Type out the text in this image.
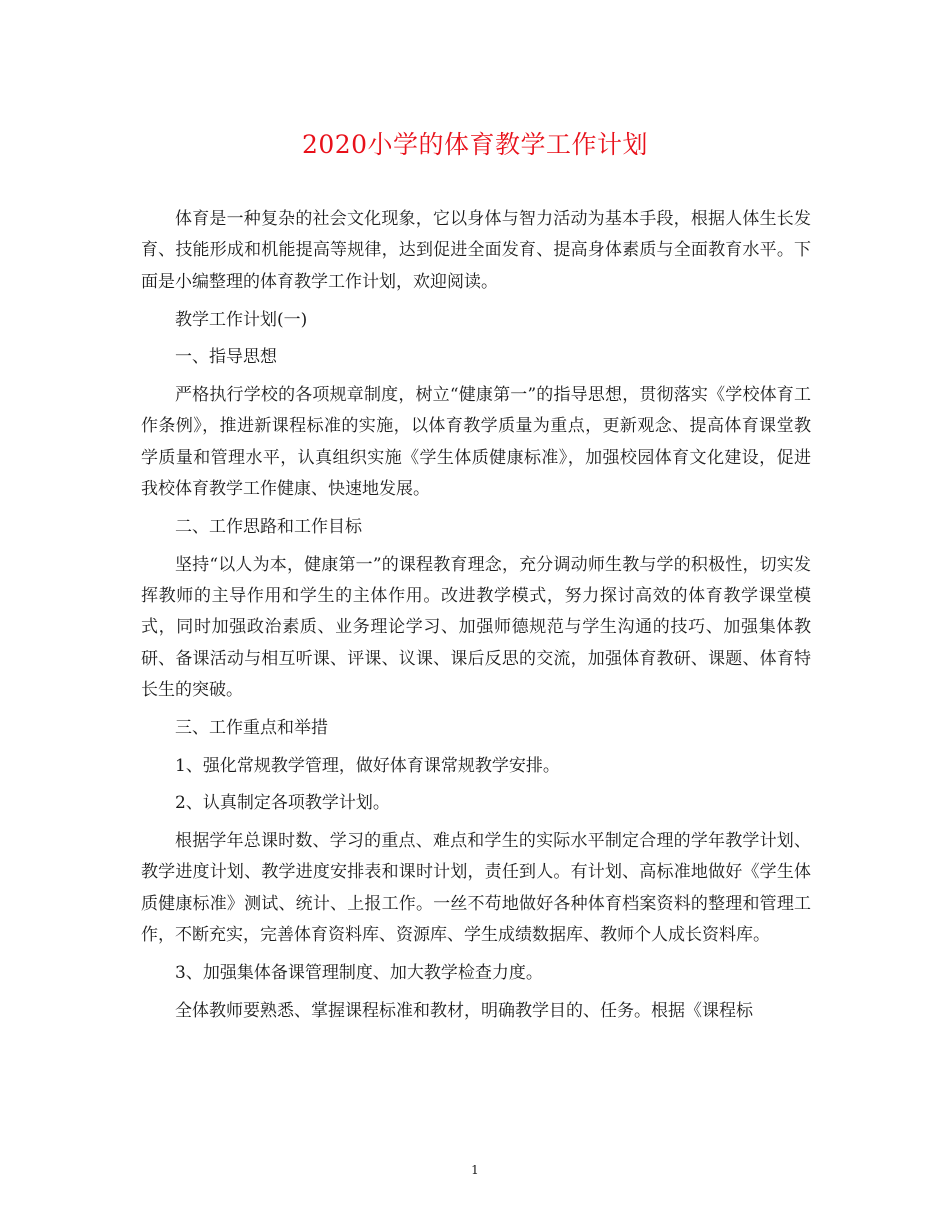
2020小学的体育教学工作计划

体育是一种复杂的社会文化现象，它以身体与智力活动为基本手段，根据人体生长发育、技能形成和机能提高等规律，达到促进全面发育、提高身体素质与全面教育水平。下面是小编整理的体育教学工作计划，欢迎阅读。

教学工作计划(一)

一、指导思想

严格执行学校的各项规章制度，树立“健康第一”的指导思想，贯彻落实《学校体育工作条例》，推进新课程标准的实施，以体育教学质量为重点，更新观念、提高体育课堂教学质量和管理水平，认真组织实施《学生体质健康标准》，加强校园体育文化建设，促进我校体育教学工作健康、快速地发展。

二、工作思路和工作目标

坚持“以人为本，健康第一”的课程教育理念，充分调动师生教与学的积极性，切实发挥教师的主导作用和学生的主体作用。改进教学模式，努力探讨高效的体育教学课堂模式，同时加强政治素质、业务理论学习、加强师德规范与学生沟通的技巧、加强集体教研、备课活动与相互听课、评课、议课、课后反思的交流，加强体育教研、课题、体育特长生的突破。

三、工作重点和举措

1、强化常规教学管理，做好体育课常规教学安排。

2、认真制定各项教学计划。

根据学年总课时数、学习的重点、难点和学生的实际水平制定合理的学年教学计划、教学进度计划、教学进度安排表和课时计划，责任到人。有计划、高标准地做好《学生体质健康标准》测试、统计、上报工作。一丝不苟地做好各种体育档案资料的整理和管理工作，不断充实，完善体育资料库、资源库、学生成绩数据库、教师个人成长资料库。

3、加强集体备课管理制度、加大教学检查力度。

全体教师要熟悉、掌握课程标准和教材，明确教学目的、任务。根据《课程标

1
